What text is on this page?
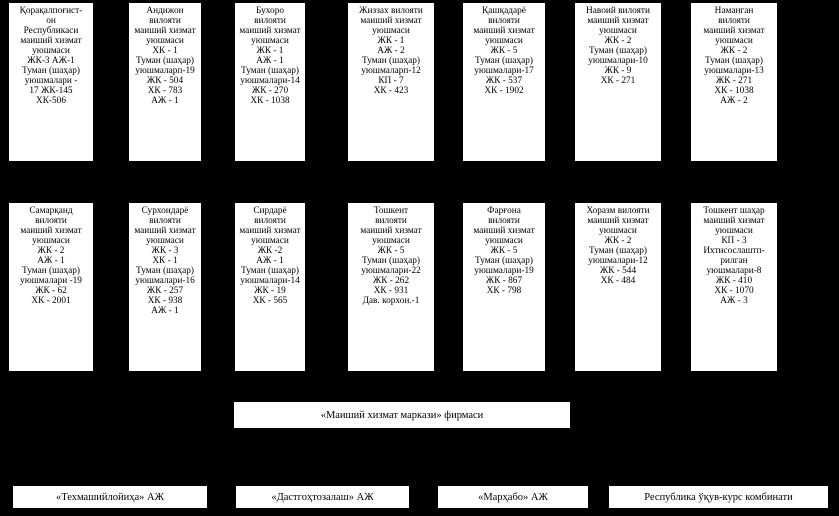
Қорақалпоғист-
он
Республикаси
маиший хизмат
уюшмаси
ЖК-3 АЖ-1
Туман (шаҳар)
уюшмалари -
17 ЖК-145
ХК-506
Андижон
вилояти
маиший хизмат
уюшмаси
ХК - 1
Туман (шаҳар)
уюшмаларп-19
ЖК - 504
ХК - 783
АЖ - 1
Бухоро
вилояти
маиший хизмат
уюшмаси
ЖК - 1
АЖ - 1
Туман (шаҳар)
уюшмалари-14
ЖК - 270
ХК - 1038
Жиззах вилояти
маиший хизмат
уюшмаси
ЖК - 1
АЖ - 2
Туман (шаҳар)
уюшмаларп-12
КП - 7
ХК - 423
Қашқадарё
вилояти
маиший хизмат
уюшмаси
ЖК - 5
Туман (шаҳар)
уюшмалари-17
ЖК - 537
ХК - 1902
Навоий вилояти
маиший хизмат
уюшмаси
ЖК - 2
Туман (шаҳар)
уюшмалари-10
ЖК - 9
ХК - 271
Наманган
вилояти
маиший хизмат
уюшмаси
ЖК - 2
Туман (шаҳар)
уюшмалари-13
ЖК - 271
ХК - 1038
АЖ - 2
Самарқанд
вилояти
маиший хизмат
уюшмаси
ЖК - 2
АЖ - 1
Туман (шаҳар)
уюшмалари -19
ЖК - 62
ХК - 2001
Сурхондарё
вилояти
маиший хизмат
уюшмаси
ЖК - 3
ХК - 1
Туман (шаҳар)
уюшмалари-16
ЖК - 257
ХК - 938
АЖ - 1
Сирдарё
вилояти
маиший хизмат
уюшмаси
ЖК -2
АЖ - 1
Туман (шаҳар)
уюшмалари-14
ЖК - 19
ХК - 565
Тошкент
вилояти
маиший хизмат
уюшмаси
ЖК - 5
Туман (шаҳар)
уюшмалари-22
ЖК - 262
ХК - 931
Дав. корхон.-1
Фарғона
вилояти
маиший хизмат
уюшмаси
ЖК - 5
Туман (шаҳар)
уюшмалари-19
ЖК - 867
ХК - 798
Хоразм вилояти
маиший хизмат
уюшмаси
ЖК - 2
Туман (шаҳар)
уюшмалари-12
ЖК - 544
ХК - 484
Тошкент шаҳар
маиший хизмат
уюшмаси
КП - 3
Ихтисослаштп-
рилган
уюшмалари-8
ЖК - 410
ХК - 1070
АЖ - 3
«Маиший хизмат маркази» фирмаси
«Техмашийлойиҳа» АЖ	«Дастгоҳтозалаш» АЖ	«Марҳабо» АЖ	Республика ўқув-курс комбинати
